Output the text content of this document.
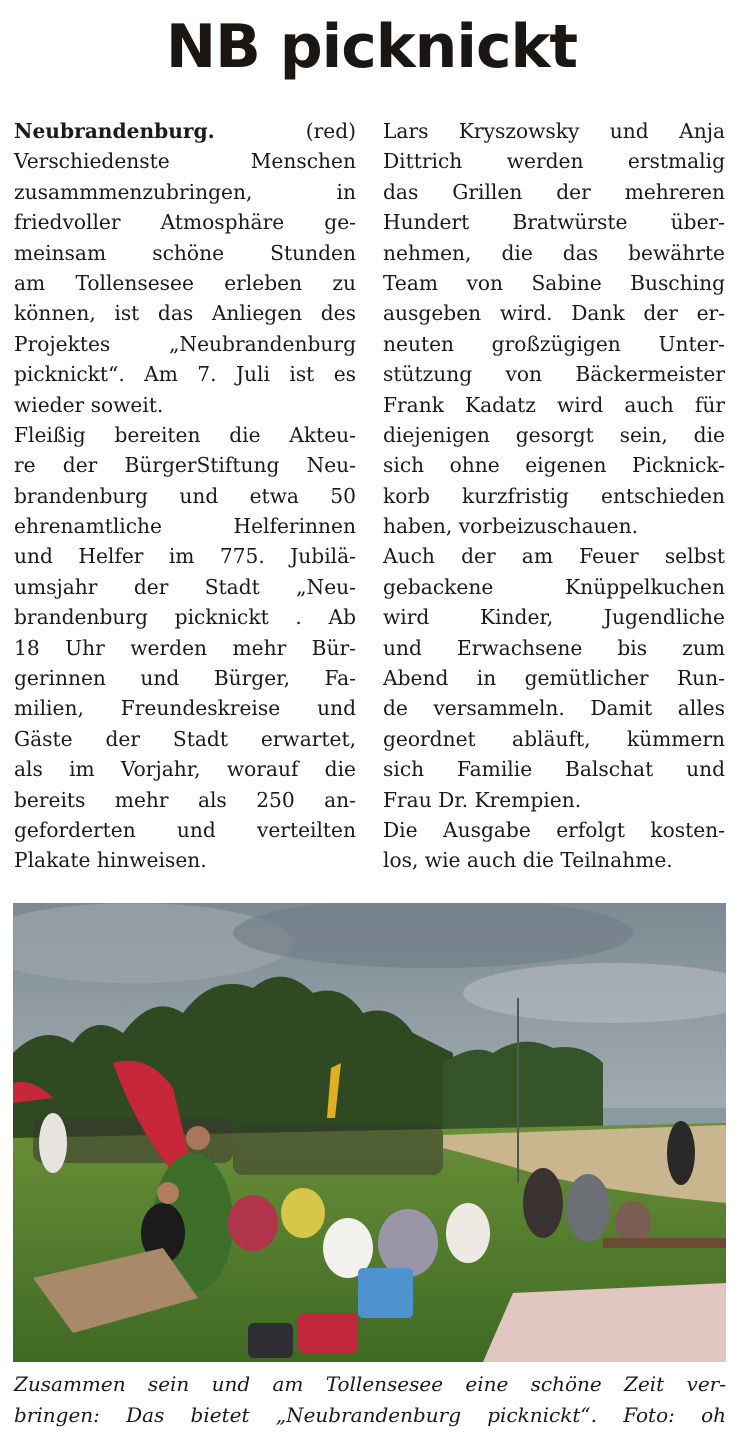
NB picknickt
Neubrandenburg.	(red)
Verschiedenste Menschen
zusammmenzubringen, in
friedvoller Atmosphäre ge-
meinsam schöne Stunden
am Tollensesee erleben zu
können, ist das Anliegen des
Projektes „Neubrandenburg
picknickt“. Am 7. Juli ist es
wieder soweit.
Fleißig bereiten die Akteu-
re der BürgerStiftung Neu-
brandenburg und etwa 50
ehrenamtliche Helferinnen
und Helfer im 775. Jubilä-
umsjahr der Stadt „Neu-
brandenburg picknickt . Ab
18 Uhr werden mehr Bür-
gerinnen und Bürger, Fa-
milien, Freundeskreise und
Gäste der Stadt erwartet,
als im Vorjahr, worauf die
bereits mehr als 250 an-
geforderten und verteilten
Plakate hinweisen.
Lars Kryszowsky und Anja
Dittrich werden erstmalig
das Grillen der mehreren
Hundert Bratwürste über-
nehmen, die das bewährte
Team von Sabine Busching
ausgeben wird. Dank der er-
neuten großzügigen Unter-
stützung von Bäckermeister
Frank Kadatz wird auch für
diejenigen gesorgt sein, die
sich ohne eigenen Picknick-
korb kurzfristig entschieden
haben, vorbeizuschauen.
Auch der am Feuer selbst
gebackene Knüppelkuchen
wird Kinder, Jugendliche
und Erwachsene bis zum
Abend in gemütlicher Run-
de versammeln. Damit alles
geordnet abläuft, kümmern
sich Familie Balschat und
Frau Dr. Krempien.
Die Ausgabe erfolgt kosten-
los, wie auch die Teilnahme.
Zusammen sein und am Tollensesee eine schöne Zeit ver-
bringen: Das bietet „Neubrandenburg picknickt“. Foto: oh
